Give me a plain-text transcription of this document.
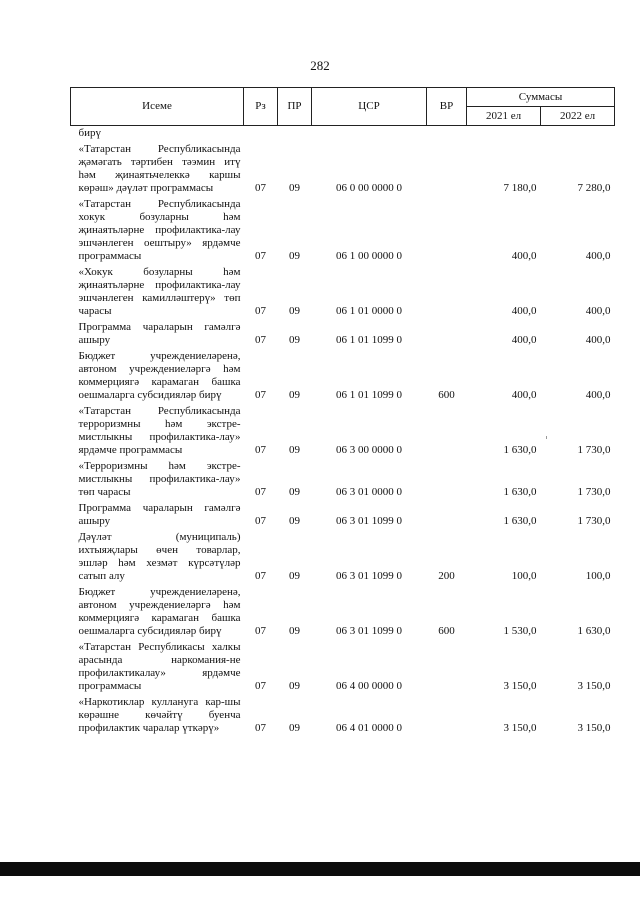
282
Исеме	Рз	ПР	ЦСР	ВР	Суммасы	
					2021 ел	2022 ел
бирү						
«Татарстан Республикасында җәмәгать тәртибен тәэмин итү һәм җинаятьчелеккә каршы көрәш» дәүләт программасы	07	09	06 0 00 0000 0		7 180,0	7 280,0
«Татарстан Республикасында хокук бозуларны һәм җинаятьләрне профилактика-лау эшчәнлеген оештыру» ярдәмче программасы	07	09	06 1 00 0000 0		400,0	400,0
«Хокук бозуларны һәм җинаятьләрне профилактика-лау эшчәнлеген камилләштерү» төп чарасы	07	09	06 1 01 0000 0		400,0	400,0
Программа чараларын гамәлгә ашыру	07	09	06 1 01 1099 0		400,0	400,0
Бюджет учреждениеләренә, автоном учреждениеләргә һәм коммерциягә карамаган башка оешмаларга субсидияләр бирү	07	09	06 1 01 1099 0	600	400,0	400,0
«Татарстан Республикасында терроризмны һәм экстре-мистлыкны профилактика-лау» ярдәмче программасы	07	09	06 3 00 0000 0		1 630,0	1 730,0
«Терроризмны һәм экстре-мистлыкны профилактика-лау» төп чарасы	07	09	06 3 01 0000 0		1 630,0	1 730,0
Программа чараларын гамәлгә ашыру	07	09	06 3 01 1099 0		1 630,0	1 730,0
Дәүләт (муниципаль) ихтыяҗлары өчен товарлар, эшләр һәм хезмәт күрсәтүләр сатып алу	07	09	06 3 01 1099 0	200	100,0	100,0
Бюджет учреждениеләренә, автоном учреждениеләргә һәм коммерциягә карамаган башка оешмаларга субсидияләр бирү	07	09	06 3 01 1099 0	600	1 530,0	1 630,0
«Татарстан Республикасы халкы арасында наркомания-не профилактикалау» ярдәмче программасы	07	09	06 4 00 0000 0		3 150,0	3 150,0
«Наркотиклар куллануга кар-шы көрәшне көчәйтү буенча профилактик чаралар үткәрү»	07	09	06 4 01 0000 0		3 150,0	3 150,0
